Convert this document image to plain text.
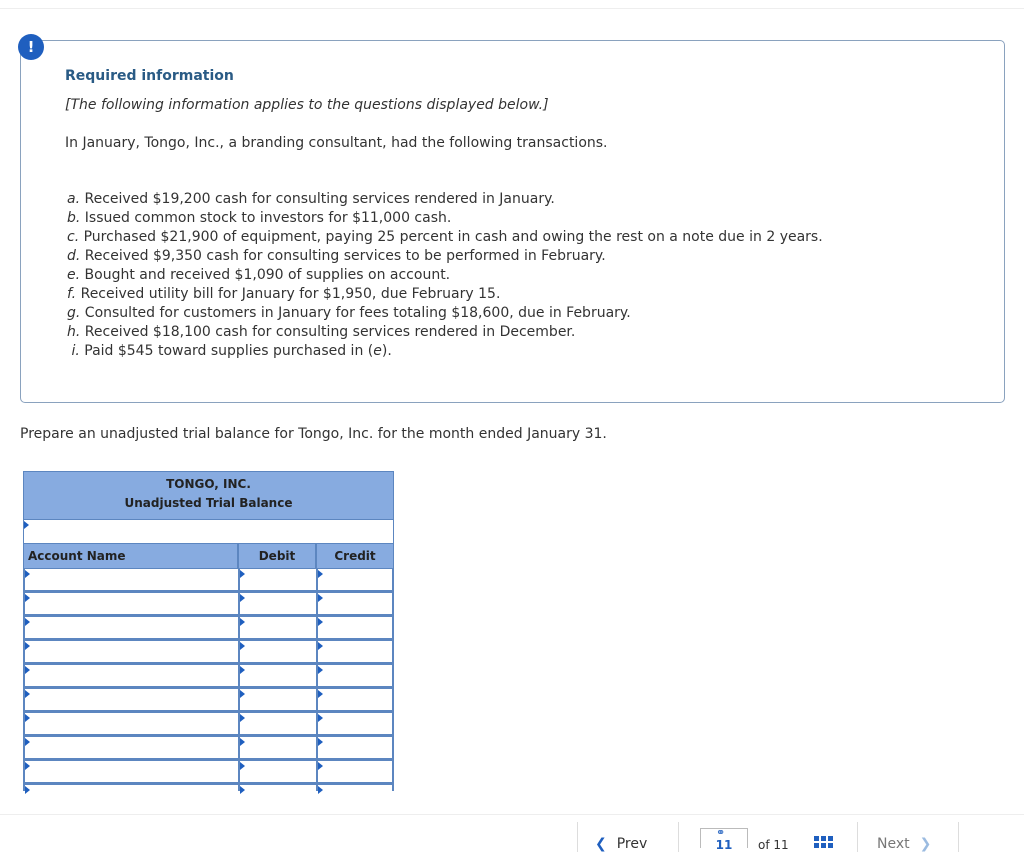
Required information
[The following information applies to the questions displayed below.]
In January, Tongo, Inc., a branding consultant, had the following transactions.
a. Received $19,200 cash for consulting services rendered in January.
b. Issued common stock to investors for $11,000 cash.
c. Purchased $21,900 of equipment, paying 25 percent in cash and owing the rest on a note due in 2 years.
d. Received $9,350 cash for consulting services to be performed in February.
e. Bought and received $1,090 of supplies on account.
f. Received utility bill for January for $1,950, due February 15.
g. Consulted for customers in January for fees totaling $18,600, due in February.
h. Received $18,100 cash for consulting services rendered in December.
i. Paid $545 toward supplies purchased in (e).
!
Prepare an unadjusted trial balance for Tongo, Inc. for the month ended January 31.
TONGO, INC.
Unadjusted Trial Balance
Account Name	Debit	Credit
❮ Prev	11
⚭
of 11	Next ❯
